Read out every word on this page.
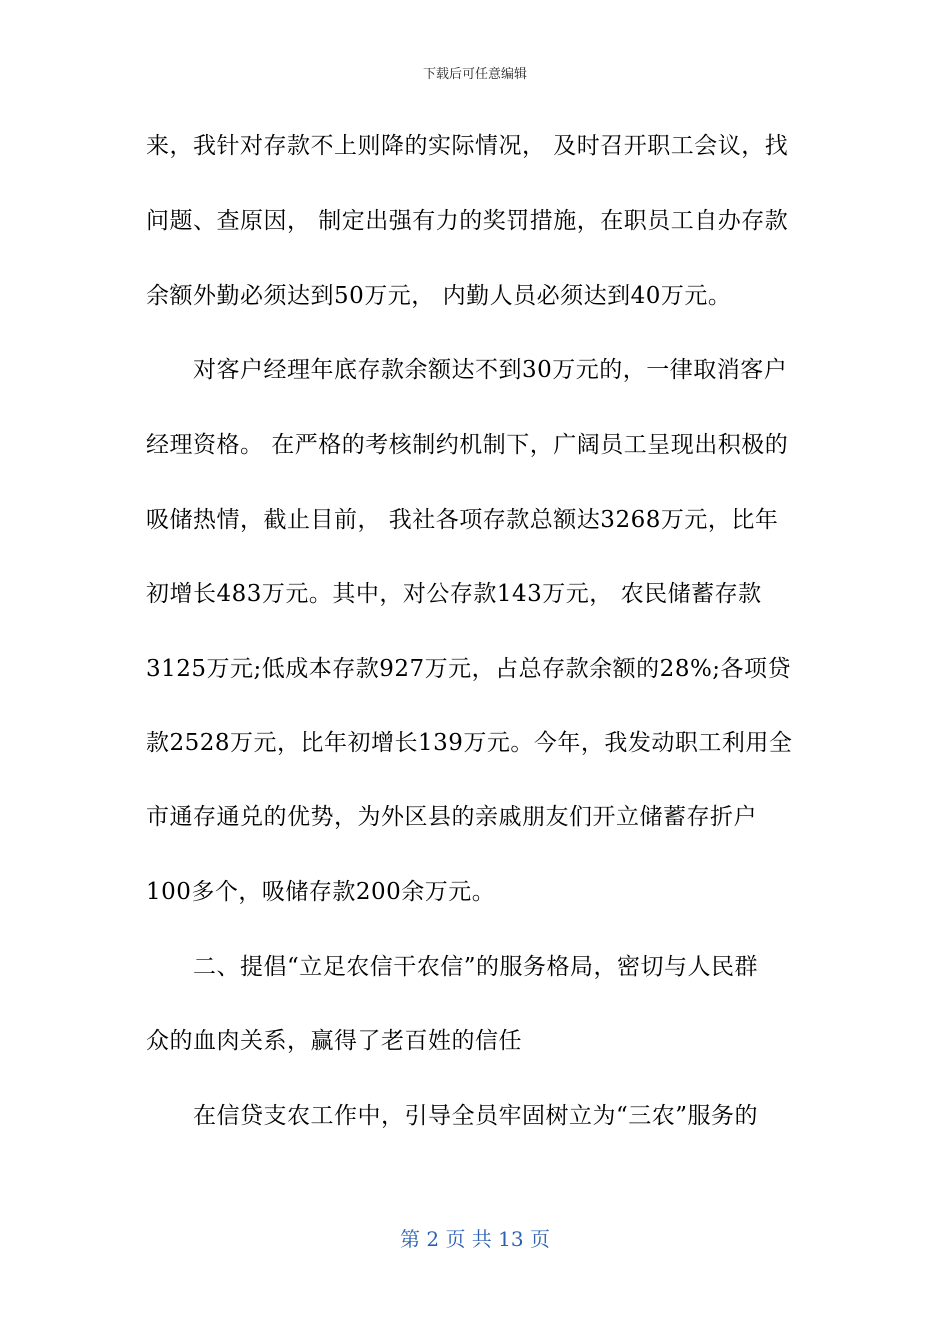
下载后可任意编辑
来，我针对存款不上则降的实际情况， 及时召开职工会议，找
问题、查原因， 制定出强有力的奖罚措施，在职员工自办存款
余额外勤必须达到50万元， 内勤人员必须达到40万元。
对客户经理年底存款余额达不到30万元的，一律取消客户
经理资格。 在严格的考核制约机制下，广阔员工呈现出积极的
吸储热情，截止目前， 我社各项存款总额达3268万元，比年
初增长483万元。其中，对公存款143万元， 农民储蓄存款
3125万元;低成本存款927万元，占总存款余额的28%;各项贷
款2528万元，比年初增长139万元。今年，我发动职工利用全
市通存通兑的优势，为外区县的亲戚朋友们开立储蓄存折户
100多个，吸储存款200余万元。
二、提倡“立足农信干农信”的服务格局，密切与人民群
众的血肉关系，赢得了老百姓的信任
在信贷支农工作中，引导全员牢固树立为“三农”服务的
第 2 页 共 13 页
